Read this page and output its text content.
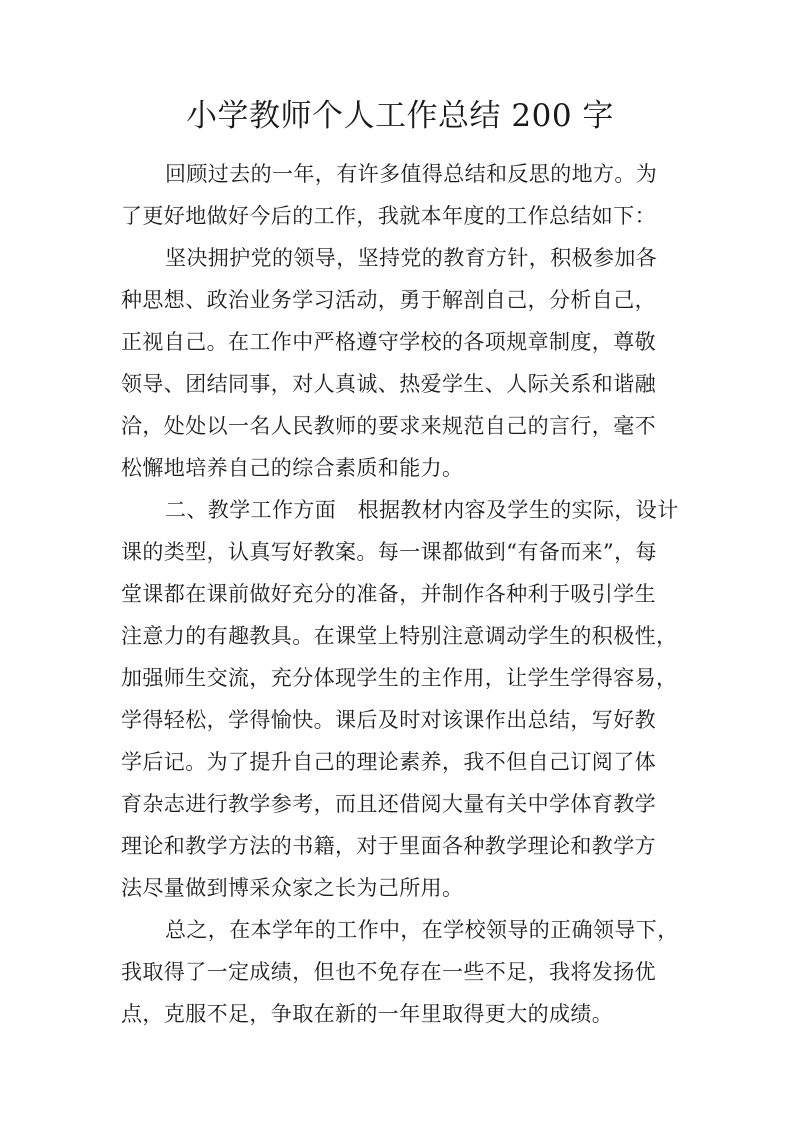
小学教师个人工作总结 200 字
回顾过去的一年，有许多值得总结和反思的地方。为
了更好地做好今后的工作，我就本年度的工作总结如下：
坚决拥护党的领导，坚持党的教育方针，积极参加各
种思想、政治业务学习活动，勇于解剖自己，分析自己，
正视自己。在工作中严格遵守学校的各项规章制度，尊敬
领导、团结同事，对人真诚、热爱学生、人际关系和谐融
洽，处处以一名人民教师的要求来规范自己的言行，毫不
松懈地培养自己的综合素质和能力。
二、教学工作方面　根据教材内容及学生的实际，设计
课的类型，认真写好教案。每一课都做到“有备而来”，每
堂课都在课前做好充分的准备，并制作各种利于吸引学生
注意力的有趣教具。在课堂上特别注意调动学生的积极性，
加强师生交流，充分体现学生的主作用，让学生学得容易，
学得轻松，学得愉快。课后及时对该课作出总结，写好教
学后记。为了提升自己的理论素养，我不但自己订阅了体
育杂志进行教学参考，而且还借阅大量有关中学体育教学
理论和教学方法的书籍，对于里面各种教学理论和教学方
法尽量做到博采众家之长为己所用。
总之，在本学年的工作中，在学校领导的正确领导下，
我取得了一定成绩，但也不免存在一些不足，我将发扬优
点，克服不足，争取在新的一年里取得更大的成绩。
